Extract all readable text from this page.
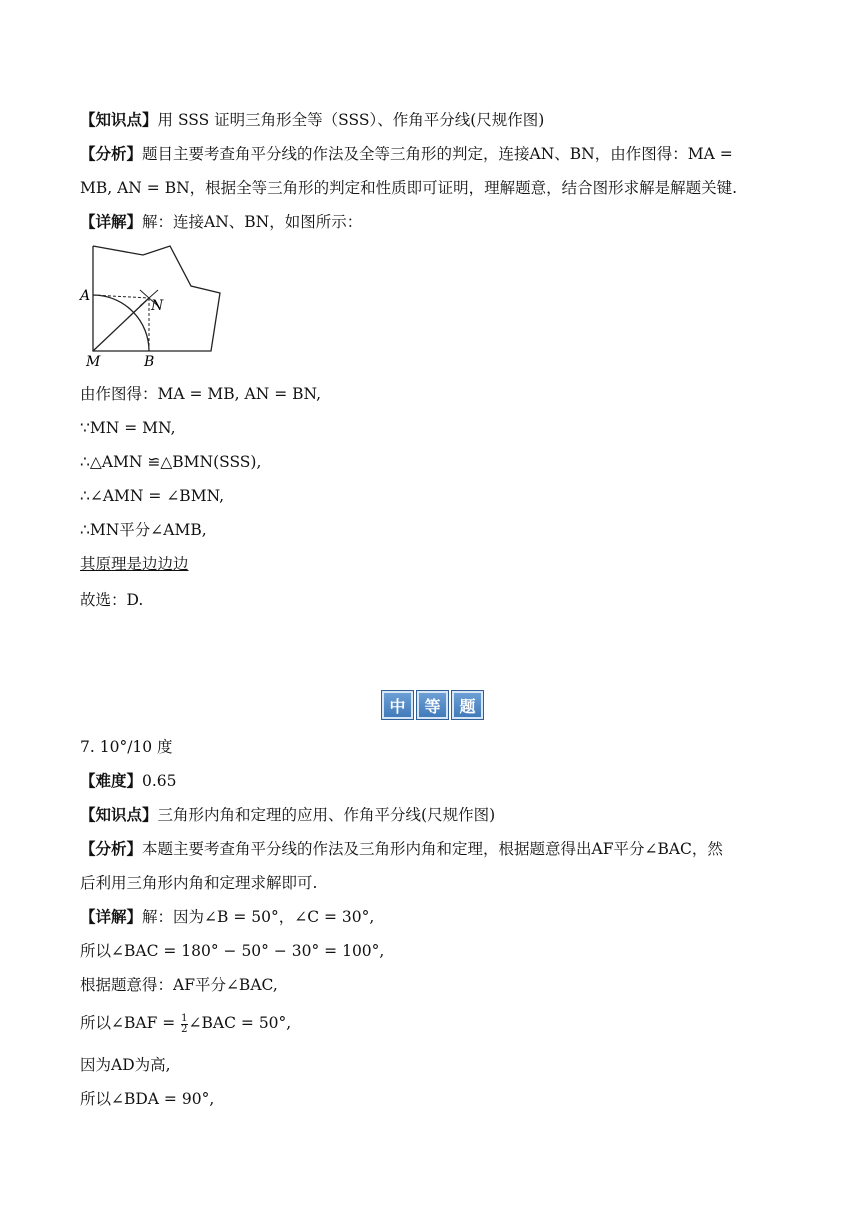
【知识点】用 SSS 证明三角形全等（SSS）、作角平分线(尺规作图)
【分析】题目主要考查角平分线的作法及全等三角形的判定，连接AN、BN，由作图得：MA =
MB, AN = BN，根据全等三角形的判定和性质即可证明，理解题意，结合图形求解是解题关键.
【详解】解：连接AN、BN，如图所示：
A
N
M	B
由作图得：MA = MB, AN = BN,
∵MN = MN,
∴△AMN ≌△BMN(SSS),
∴∠AMN = ∠BMN,
∴MN平分∠AMB,
其原理是边边边
故选：D.
中	等	题
7. 10°/10 度
【难度】0.65
【知识点】三角形内角和定理的应用、作角平分线(尺规作图)
【分析】本题主要考查角平分线的作法及三角形内角和定理，根据题意得出AF平分∠BAC，然
后利用三角形内角和定理求解即可.
【详解】解：因为∠B = 50°，∠C = 30°,
所以∠BAC = 180° − 50° − 30° = 100°,
根据题意得：AF平分∠BAC,
所以∠BAF = $\frac{1}{2}$ ∠BAC = 50°,
因为AD为高,
所以∠BDA = 90°,
